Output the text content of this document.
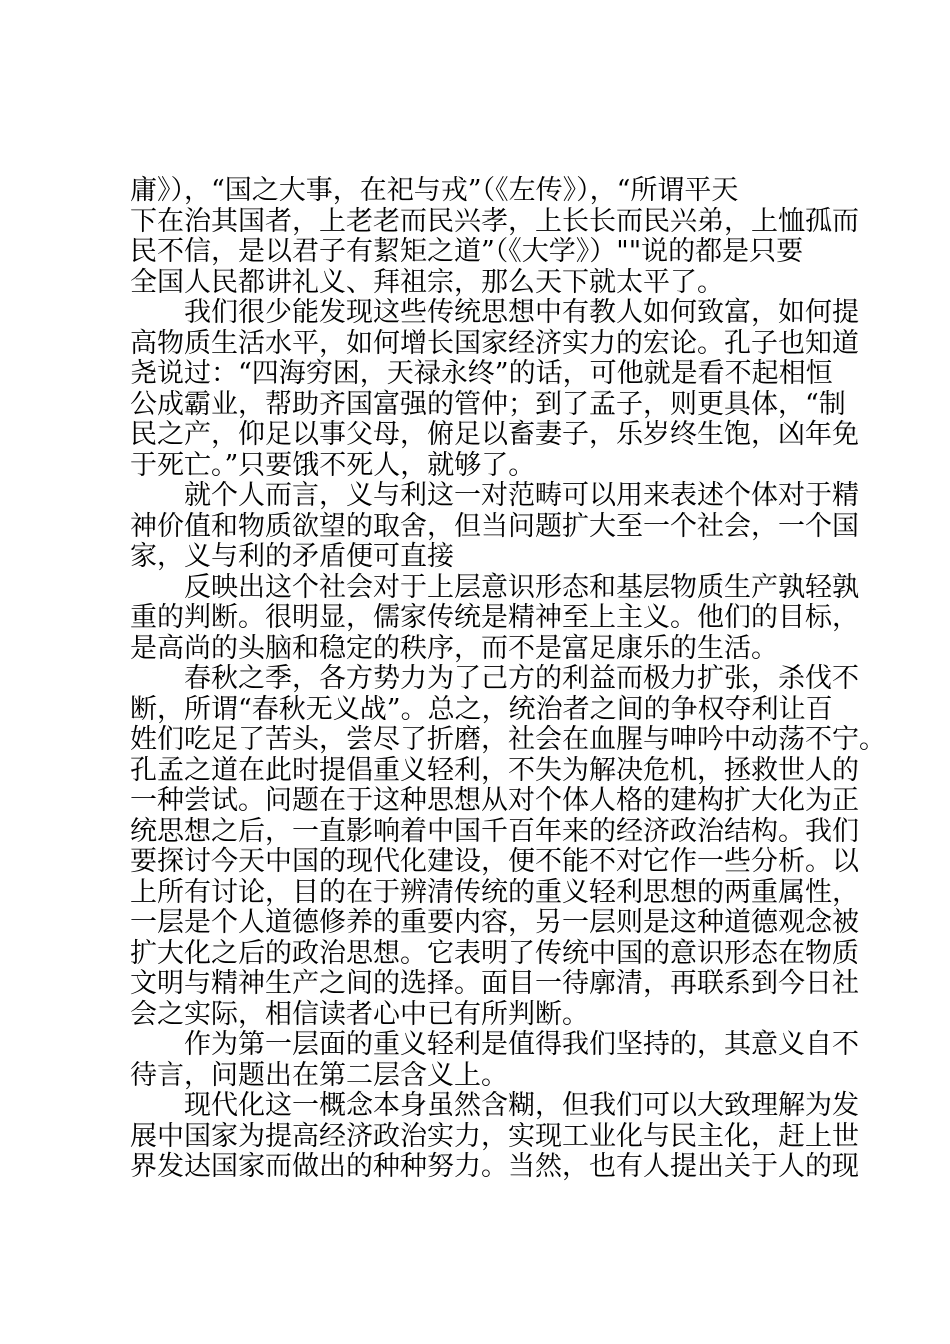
庸》），“国之大事，在祀与戎”（《左传》），“所谓平天
下在治其国者，上老老而民兴孝，上长长而民兴弟，上恤孤而
民不信，是以君子有絜矩之道”（《大学》）""说的都是只要
全国人民都讲礼义、拜祖宗，那么天下就太平了。
我们很少能发现这些传统思想中有教人如何致富，如何提
高物质生活水平，如何增长国家经济实力的宏论。孔子也知道
尧说过：“四海穷困，天禄永终”的话，可他就是看不起相恒
公成霸业，帮助齐国富强的管仲；到了孟子，则更具体，“制
民之产，仰足以事父母，俯足以畜妻子，乐岁终生饱，凶年免
于死亡。”只要饿不死人，就够了。
就个人而言，义与利这一对范畴可以用来表述个体对于精
神价值和物质欲望的取舍，但当问题扩大至一个社会，一个国
家，义与利的矛盾便可直接
反映出这个社会对于上层意识形态和基层物质生产孰轻孰
重的判断。很明显，儒家传统是精神至上主义。他们的目标，
是高尚的头脑和稳定的秩序，而不是富足康乐的生活。
春秋之季，各方势力为了己方的利益而极力扩张，杀伐不
断，所谓“春秋无义战”。总之，统治者之间的争权夺利让百
姓们吃足了苦头，尝尽了折磨，社会在血腥与呻吟中动荡不宁。
孔孟之道在此时提倡重义轻利，不失为解决危机，拯救世人的
一种尝试。问题在于这种思想从对个体人格的建构扩大化为正
统思想之后，一直影响着中国千百年来的经济政治结构。我们
要探讨今天中国的现代化建设，便不能不对它作一些分析。以
上所有讨论，目的在于辨清传统的重义轻利思想的两重属性，
一层是个人道德修养的重要内容，另一层则是这种道德观念被
扩大化之后的政治思想。它表明了传统中国的意识形态在物质
文明与精神生产之间的选择。面目一待廓清，再联系到今日社
会之实际，相信读者心中已有所判断。
作为第一层面的重义轻利是值得我们坚持的，其意义自不
待言，问题出在第二层含义上。
现代化这一概念本身虽然含糊，但我们可以大致理解为发
展中国家为提高经济政治实力，实现工业化与民主化，赶上世
界发达国家而做出的种种努力。当然，也有人提出关于人的现
